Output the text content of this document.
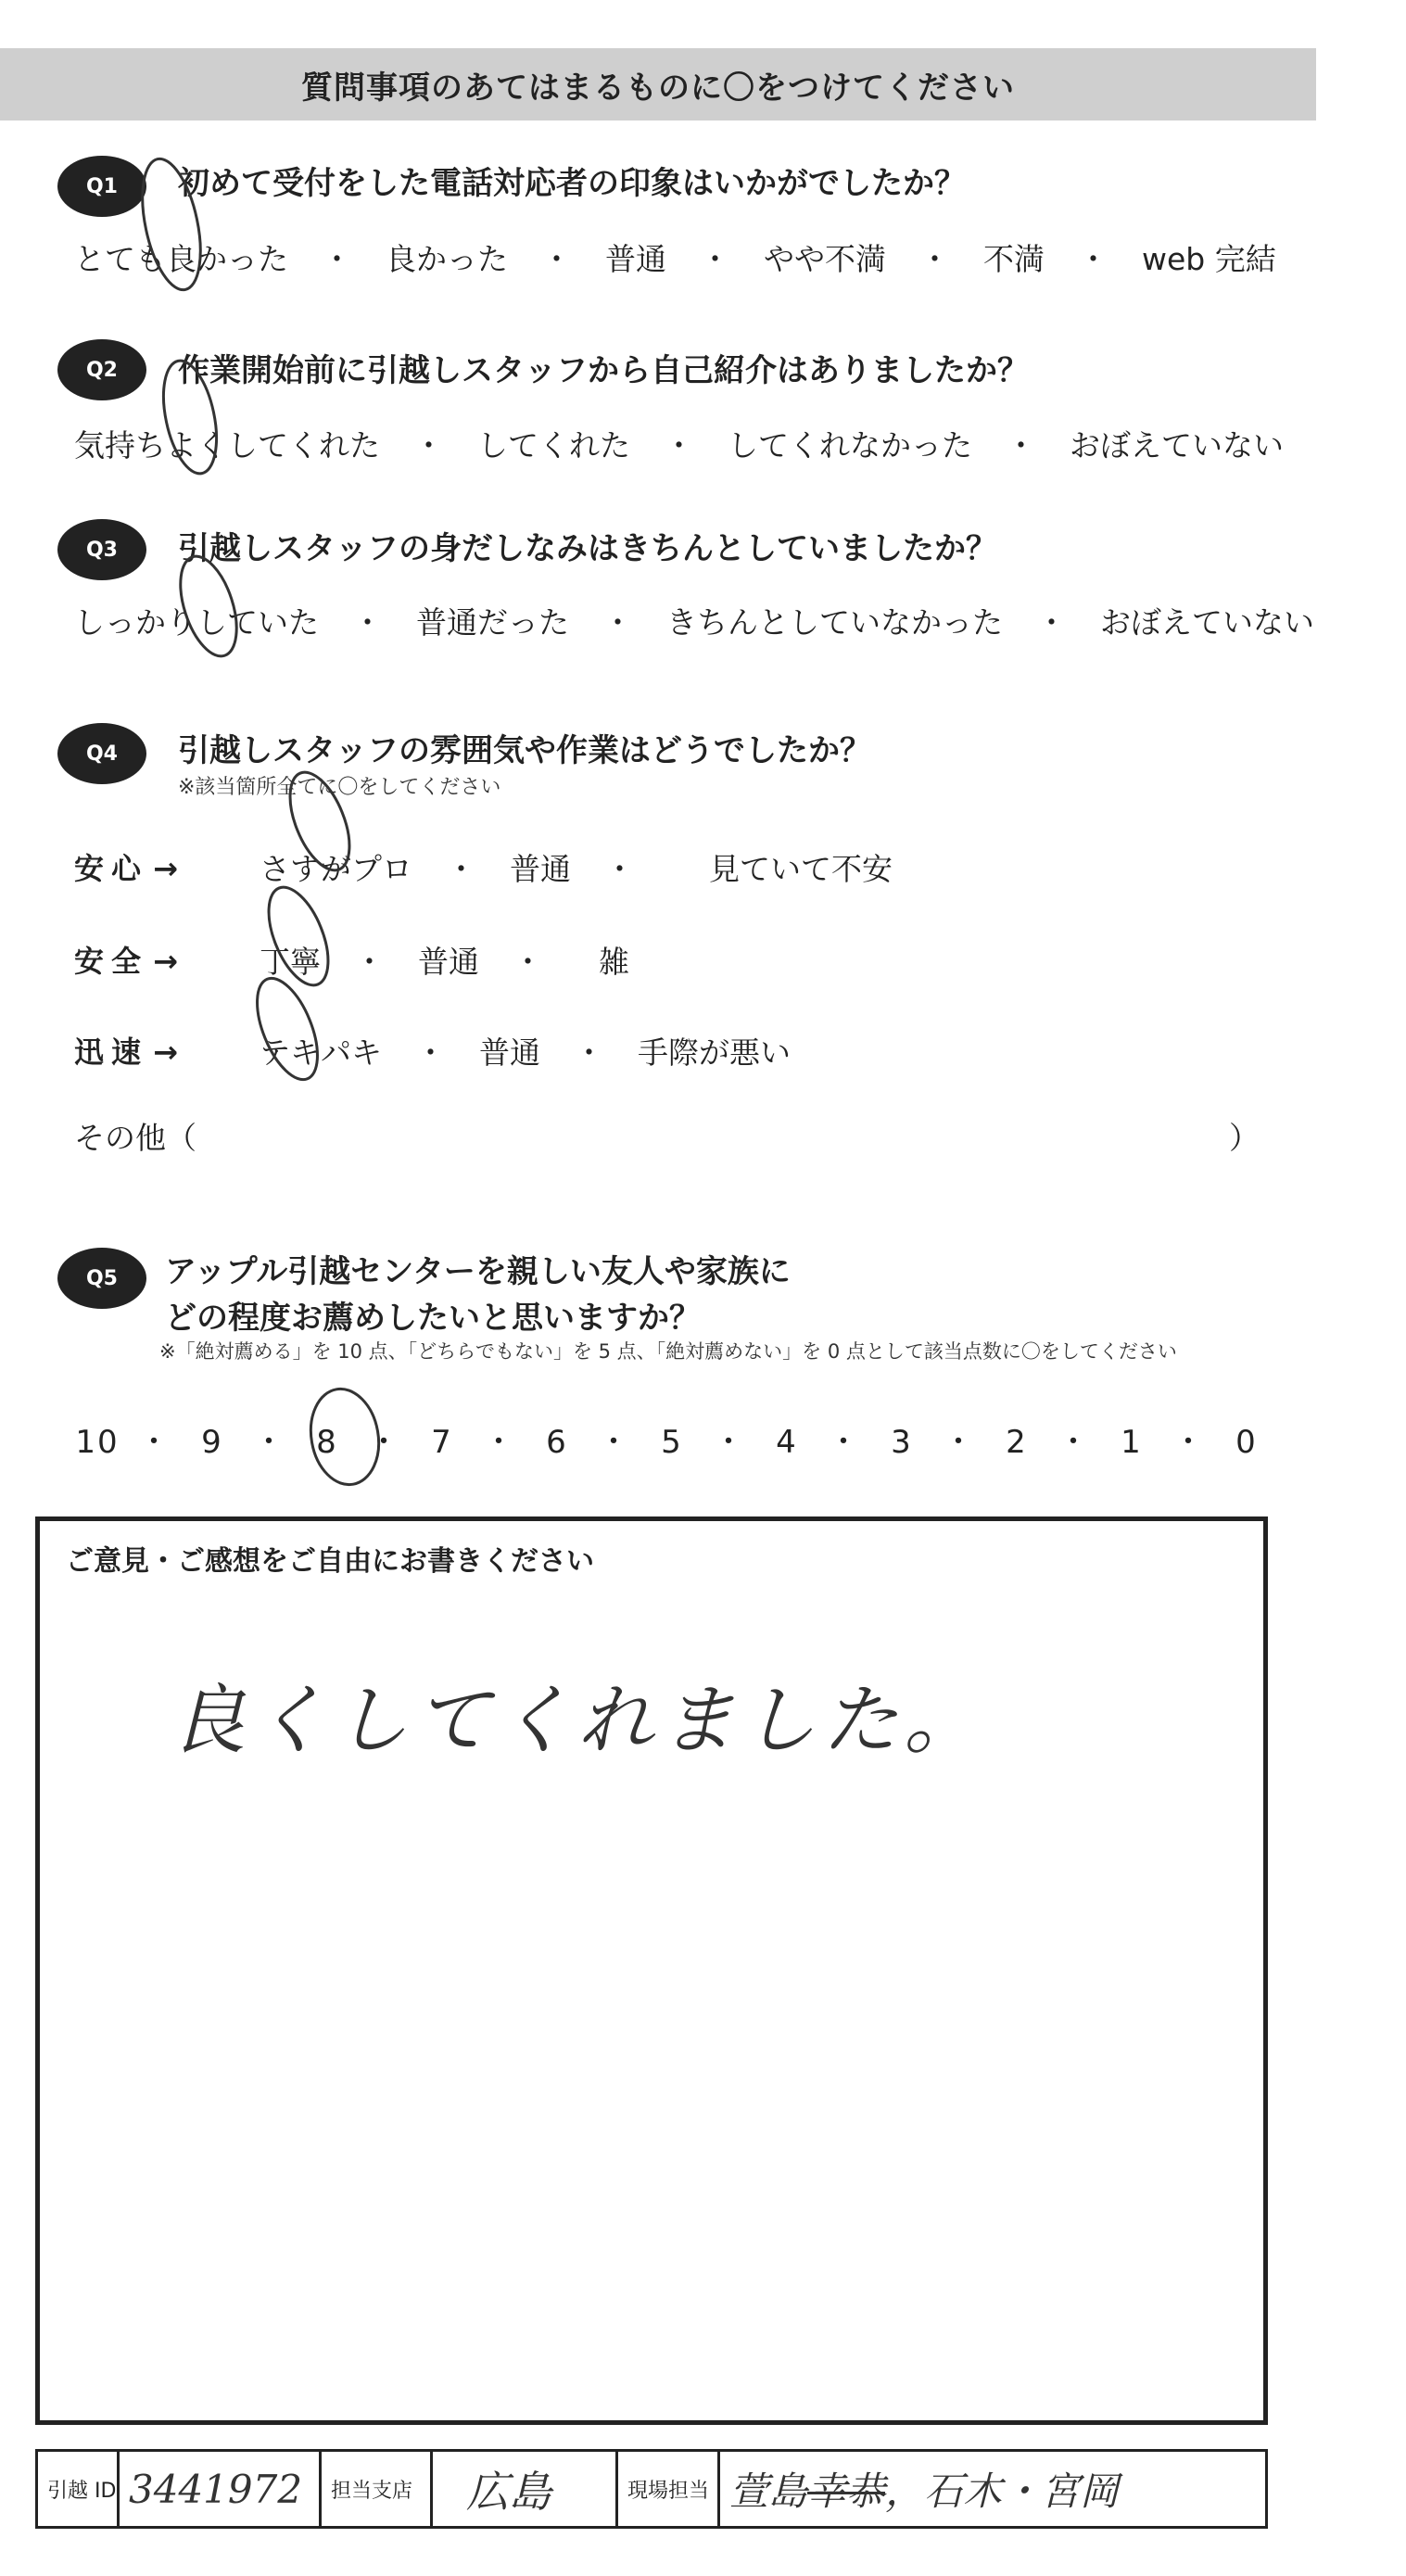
質問事項のあてはまるものに〇をつけてください
Q1 初めて受付をした電話対応者の印象はいかがでしたか？
とても良かった ・ 良かった ・ 普通 ・ やや不満 ・ 不満 ・ web 完結
Q2 作業開始前に引越しスタッフから自己紹介はありましたか？
気持ちよくしてくれた ・ してくれた ・ してくれなかった ・ おぼえていない
Q3 引越しスタッフの身だしなみはきちんとしていましたか？
しっかりしていた ・ 普通だった ・ きちんとしていなかった ・ おぼえていない
Q4 引越しスタッフの雰囲気や作業はどうでしたか？
※該当箇所全てに〇をしてください
安心 →	さすがプロ ・ 普通 ・ 見ていて不安
安全 →	丁寧 ・ 普通 ・ 雑
迅速 →	テキパキ ・ 普通 ・ 手際が悪い
その他（	）
Q5 アップル引越センターを親しい友人や家族に
どの程度お薦めしたいと思いますか？
※「絶対薦める」を 10 点、「どちらでもない」を 5 点、「絶対薦めない」を 0 点として該当点数に〇をしてください
10 ・ 9 ・ 8 ・ 7 ・ 6 ・ 5 ・ 4 ・ 3 ・ 2 ・ 1 ・ 0
ご意見・ご感想をご自由にお書きください
良くしてくれました。
引越 ID 3441972 担当支店 広島	現場担当 萱島 幸恭 ，石木・宮岡
